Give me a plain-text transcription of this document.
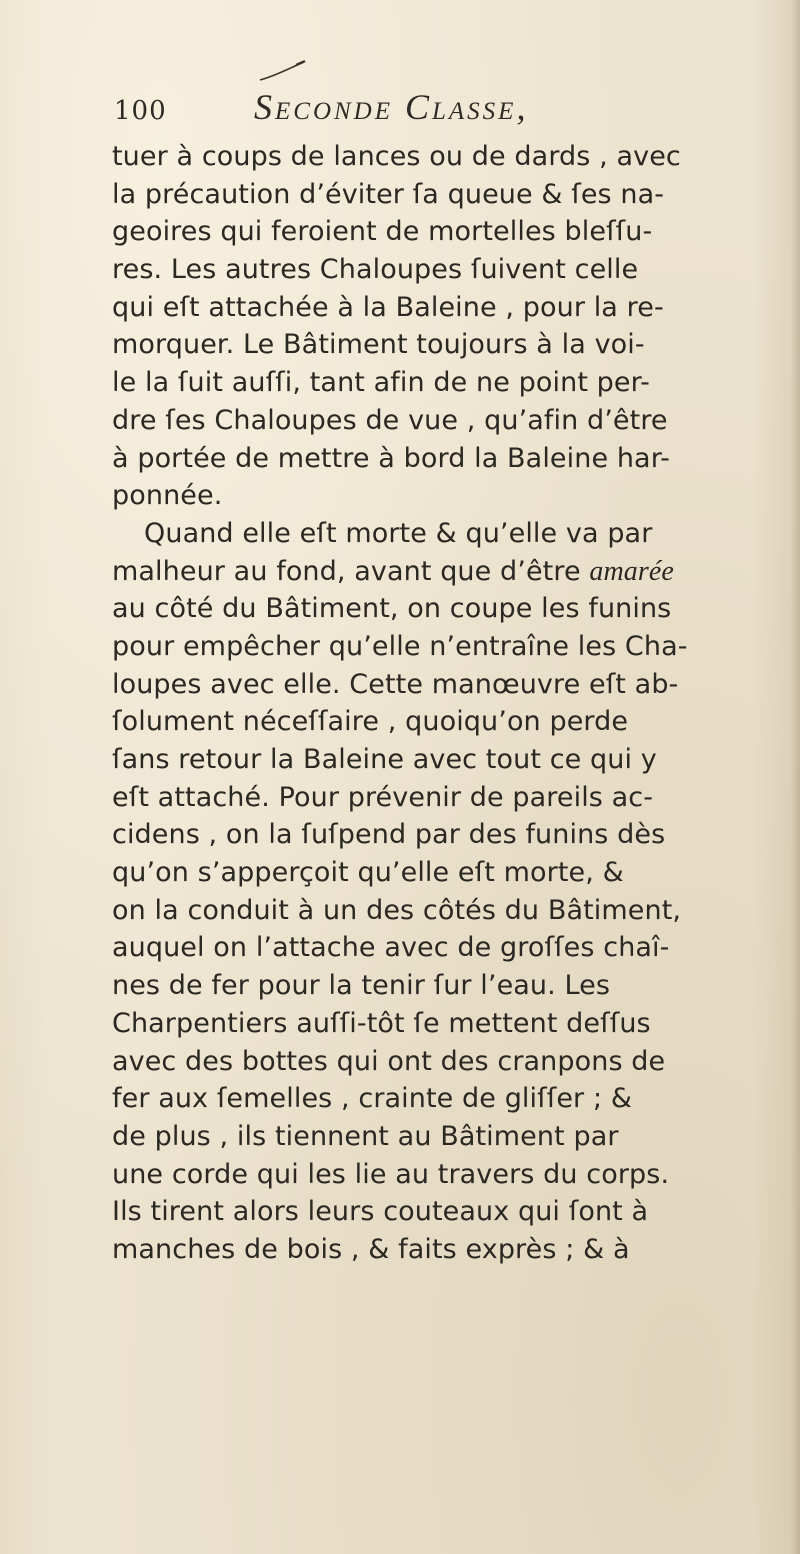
100	Seconde Classe,
tuer à coups de lances ou de dards , avec
la précaution d’éviter ſa queue & ſes na-
geoires qui feroient de mortelles bleſſu-
res. Les autres Chaloupes ſuivent celle
qui eſt attachée à la Baleine , pour la re-
morquer. Le Bâtiment toujours à la voi-
le la ſuit auſſi, tant afin de ne point per-
dre ſes Chaloupes de vue , qu’afin d’être
à portée de mettre à bord la Baleine har-
ponnée.
Quand elle eſt morte & qu’elle va par
malheur au fond, avant que d’être amarée
au côté du Bâtiment, on coupe les funins
pour empêcher qu’elle n’entraîne les Cha-
loupes avec elle. Cette manœuvre eſt ab-
ſolument néceſſaire , quoiqu’on perde
ſans retour la Baleine avec tout ce qui y
eſt attaché. Pour prévenir de pareils ac-
cidens , on la ſuſpend par des funins dès
qu’on s’apperçoit qu’elle eſt morte, &
on la conduit à un des côtés du Bâtiment,
auquel on l’attache avec de groſſes chaî-
nes de fer pour la tenir ſur l’eau. Les
Charpentiers auſſi-tôt ſe mettent deſſus
avec des bottes qui ont des cranpons de
fer aux ſemelles , crainte de gliſſer ; &
de plus , ils tiennent au Bâtiment par
une corde qui les lie au travers du corps.
Ils tirent alors leurs couteaux qui ſont à
manches de bois , & faits exprès ; & à
